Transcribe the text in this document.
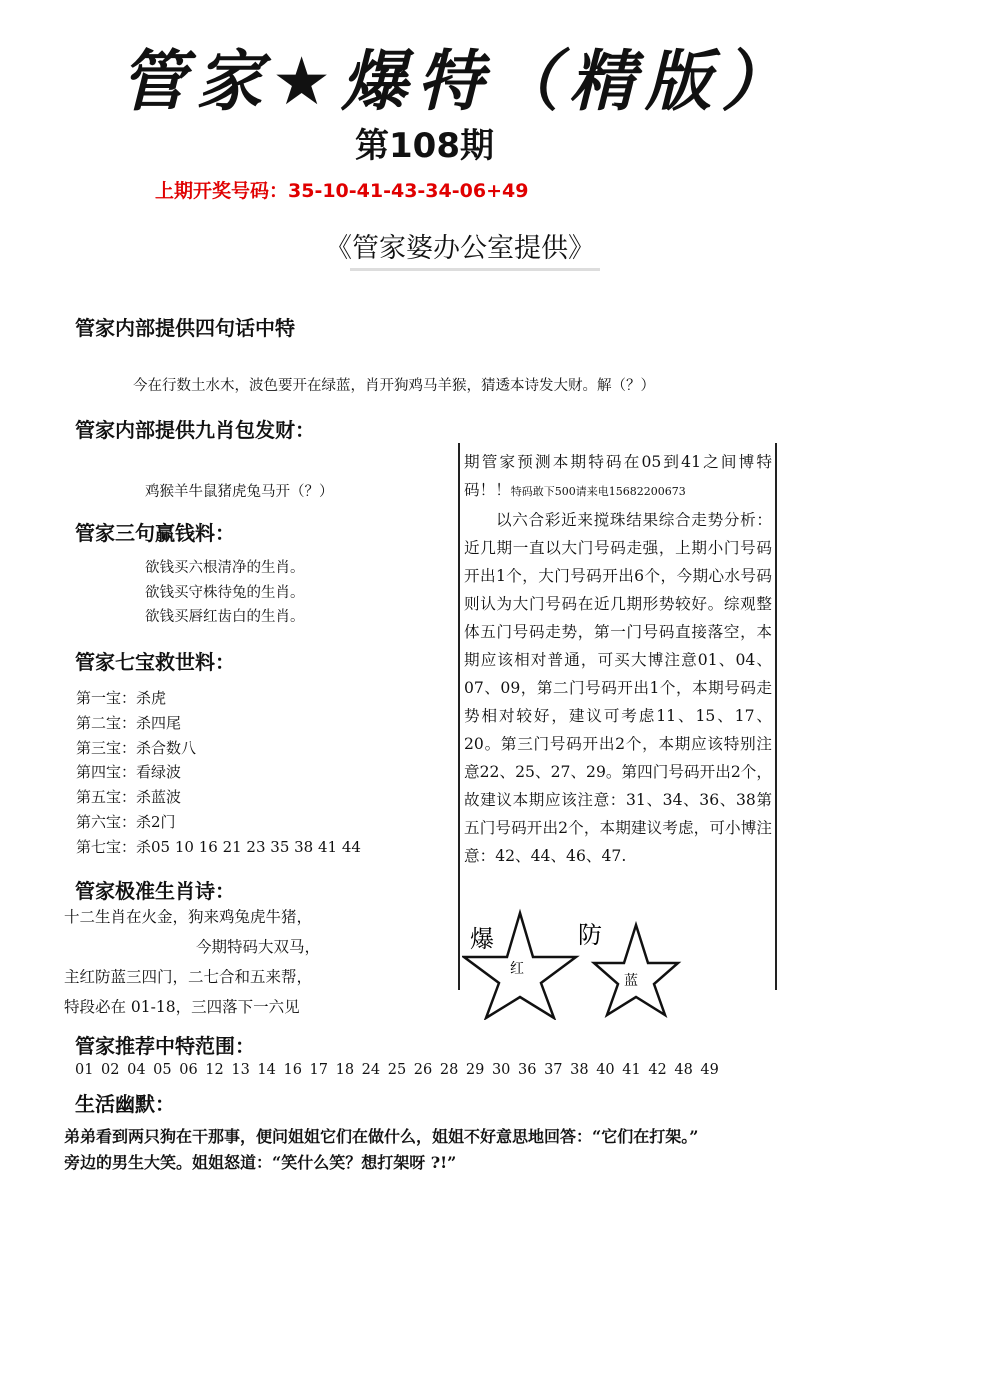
管家★爆特（精版）
第108期
上期开奖号码：35-10-41-43-34-06+49
《管家婆办公室提供》
管家内部提供四句话中特
今在行数土水木，波色要开在绿蓝，肖开狗鸡马羊猴，猜透本诗发大财。解（？）
管家内部提供九肖包发财：
鸡猴羊牛鼠猪虎兔马开（？）
管家三句赢钱料：
欲钱买六根清净的生肖。
欲钱买守株待兔的生肖。
欲钱买唇红齿白的生肖。
管家七宝救世料：
第一宝：杀虎
第二宝：杀四尾
第三宝：杀合数八
第四宝：看绿波
第五宝：杀蓝波
第六宝：杀2门
第七宝：杀05 10 16 21 23 35 38 41 44
管家极准生肖诗：
十二生肖在火金，狗来鸡兔虎牛猪，
今期特码大双马，
主红防蓝三四门，二七合和五来帮，
特段必在 01-18，三四落下一六见
期管家预测本期特码在05到41之间博特码！！特码敢下500请来电15682200673
以六合彩近来搅珠结果综合走势分析：近几期一直以大门号码走强，上期小门号码开出1个，大门号码开出6个，今期心水号码则认为大门号码在近几期形势较好。综观整体五门号码走势，第一门号码直接落空，本期应该相对普通，可买大博注意01、04、07、09，第二门号码开出1个，本期号码走势相对较好，建议可考虑11、15、17、20。第三门号码开出2个，本期应该特别注意22、25、27、29。第四门号码开出2个，故建议本期应该注意：31、34、36、38第五门号码开出2个，本期建议考虑，可小博注意：42、44、46、47.
爆
红
防
蓝
管家推荐中特范围：
01 02 04 05 06 12 13 14 16 17 18 24 25 26 28 29 30 36 37 38 40 41 42 48 49
生活幽默：
弟弟看到两只狗在干那事，便问姐姐它们在做什么，姐姐不好意思地回答：“它们在打架。”
旁边的男生大笑。姐姐怒道：“笑什么笑？想打架呀 ?!”
